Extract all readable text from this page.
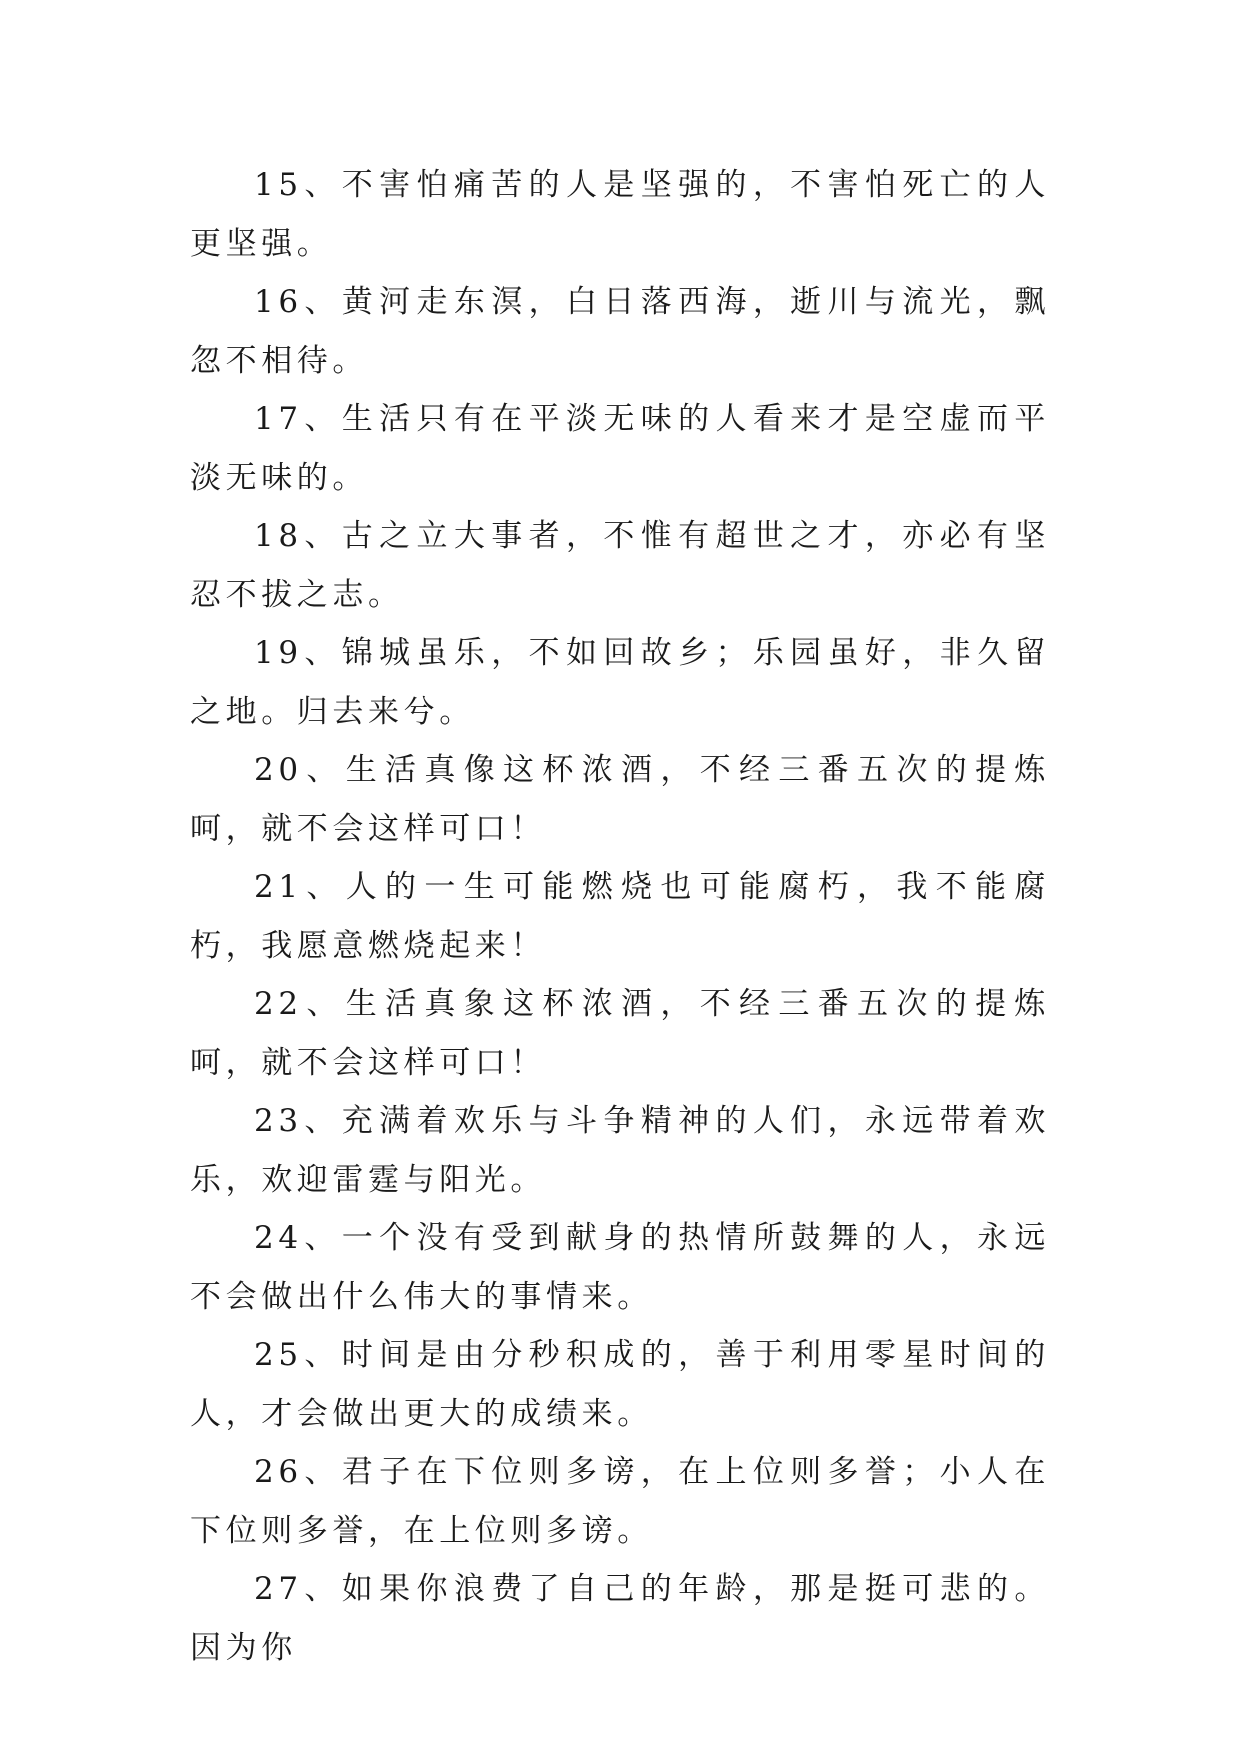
15、不害怕痛苦的人是坚强的，不害怕死亡的人更坚强。

16、黄河走东溟，白日落西海，逝川与流光，飘忽不相待。

17、生活只有在平淡无味的人看来才是空虚而平淡无味的。

18、古之立大事者，不惟有超世之才，亦必有坚忍不拔之志。

19、锦城虽乐，不如回故乡；乐园虽好，非久留之地。归去来兮。

20、生活真像这杯浓酒，不经三番五次的提炼呵，就不会这样可口！

21、人的一生可能燃烧也可能腐朽，我不能腐朽，我愿意燃烧起来！

22、生活真象这杯浓酒，不经三番五次的提炼呵，就不会这样可口！

23、充满着欢乐与斗争精神的人们，永远带着欢乐，欢迎雷霆与阳光。

24、一个没有受到献身的热情所鼓舞的人，永远不会做出什么伟大的事情来。

25、时间是由分秒积成的，善于利用零星时间的人，才会做出更大的成绩来。

26、君子在下位则多谤，在上位则多誉；小人在下位则多誉，在上位则多谤。

27、如果你浪费了自己的年龄，那是挺可悲的。因为你
